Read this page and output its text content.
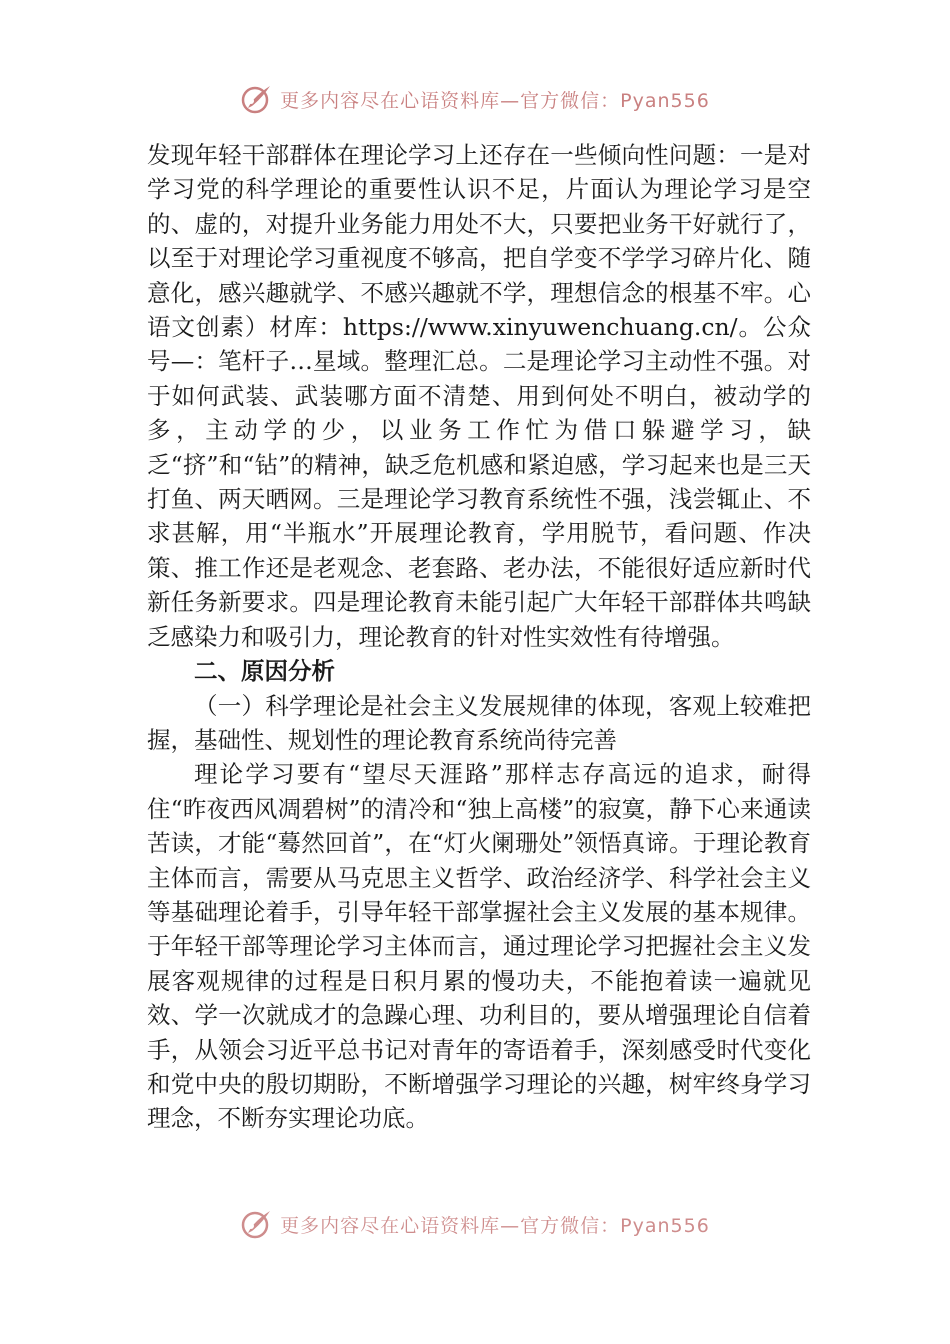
更多内容尽在心语资料库—官方微信：Pyan556

发现年轻干部群体在理论学习上还存在一些倾向性问题：一是对学习党的科学理论的重要性认识不足，片面认为理论学习是空的、虚的，对提升业务能力用处不大，只要把业务干好就行了，以至于对理论学习重视度不够高，把自学变不学学习碎片化、随意化，感兴趣就学、不感兴趣就不学，理想信念的根基不牢。心语文创素）材库：https://www.xinyuwenchuang.cn/。公众号—：笔杆子…星域。整理汇总。二是理论学习主动性不强。对于如何武装、武装哪方面不清楚、用到何处不明白，被动学的多，主动学的少，以业务工作忙为借口躲避学习，缺乏“挤”和“钻”的精神，缺乏危机感和紧迫感，学习起来也是三天打鱼、两天晒网。三是理论学习教育系统性不强，浅尝辄止、不求甚解，用“半瓶水”开展理论教育，学用脱节，看问题、作决策、推工作还是老观念、老套路、老办法，不能很好适应新时代新任务新要求。四是理论教育未能引起广大年轻干部群体共鸣缺乏感染力和吸引力，理论教育的针对性实效性有待增强。

二、原因分析

（一）科学理论是社会主义发展规律的体现，客观上较难把握，基础性、规划性的理论教育系统尚待完善

理论学习要有“望尽天涯路”那样志存高远的追求，耐得住“昨夜西风凋碧树”的清冷和“独上高楼”的寂寞，静下心来通读苦读，才能“蓦然回首”，在“灯火阑珊处”领悟真谛。于理论教育主体而言，需要从马克思主义哲学、政治经济学、科学社会主义等基础理论着手，引导年轻干部掌握社会主义发展的基本规律。于年轻干部等理论学习主体而言，通过理论学习把握社会主义发展客观规律的过程是日积月累的慢功夫，不能抱着读一遍就见效、学一次就成才的急躁心理、功利目的，要从增强理论自信着手，从领会习近平总书记对青年的寄语着手，深刻感受时代变化和党中央的殷切期盼，不断增强学习理论的兴趣，树牢终身学习理念，不断夯实理论功底。

更多内容尽在心语资料库—官方微信：Pyan556
